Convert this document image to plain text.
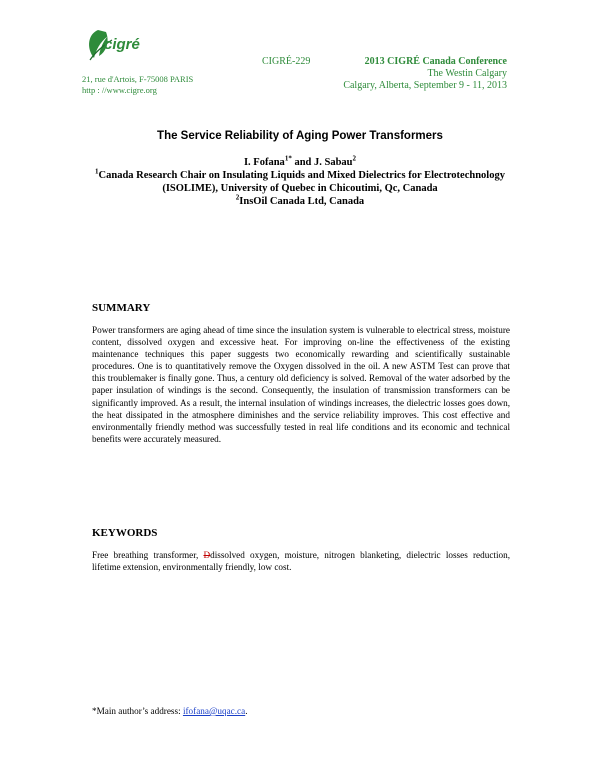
cigré
21, rue d'Artois, F-75008 PARIS
http : //www.cigre.org
CIGRÉ-229	2013 CIGRÉ Canada Conference
The Westin Calgary
Calgary, Alberta, September 9 - 11, 2013
The Service Reliability of Aging Power Transformers
I. Fofana$^{1*}$ and J. Sabau$^2$
$^1$Canada Research Chair on Insulating Liquids and Mixed Dielectrics for Electrotechnology (ISOLIME), University of Quebec in Chicoutimi, Qc, Canada
$^2$InsOil Canada Ltd, Canada
SUMMARY
Power transformers are aging ahead of time since the insulation system is vulnerable to electrical stress, moisture content, dissolved oxygen and excessive heat. For improving on-line the effectiveness of the existing maintenance techniques this paper suggests two economically rewarding and scientifically sustainable procedures. One is to quantitatively remove the Oxygen dissolved in the oil. A new ASTM Test can prove that this troublemaker is finally gone. Thus, a century old deficiency is solved. Removal of the water adsorbed by the paper insulation of windings is the second. Consequently, the insulation of transmission transformers can be significantly improved. As a result, the internal insulation of windings increases, the dielectric losses goes down, the heat dissipated in the atmosphere diminishes and the service reliability improves. This cost effective and environmentally friendly method was successfully tested in real life conditions and its economic and technical benefits were accurately measured.
KEYWORDS
Free breathing transformer, Ddissolved oxygen, moisture, nitrogen blanketing, dielectric losses reduction, lifetime extension, environmentally friendly, low cost.
*Main author’s address: ifofana@uqac.ca.
